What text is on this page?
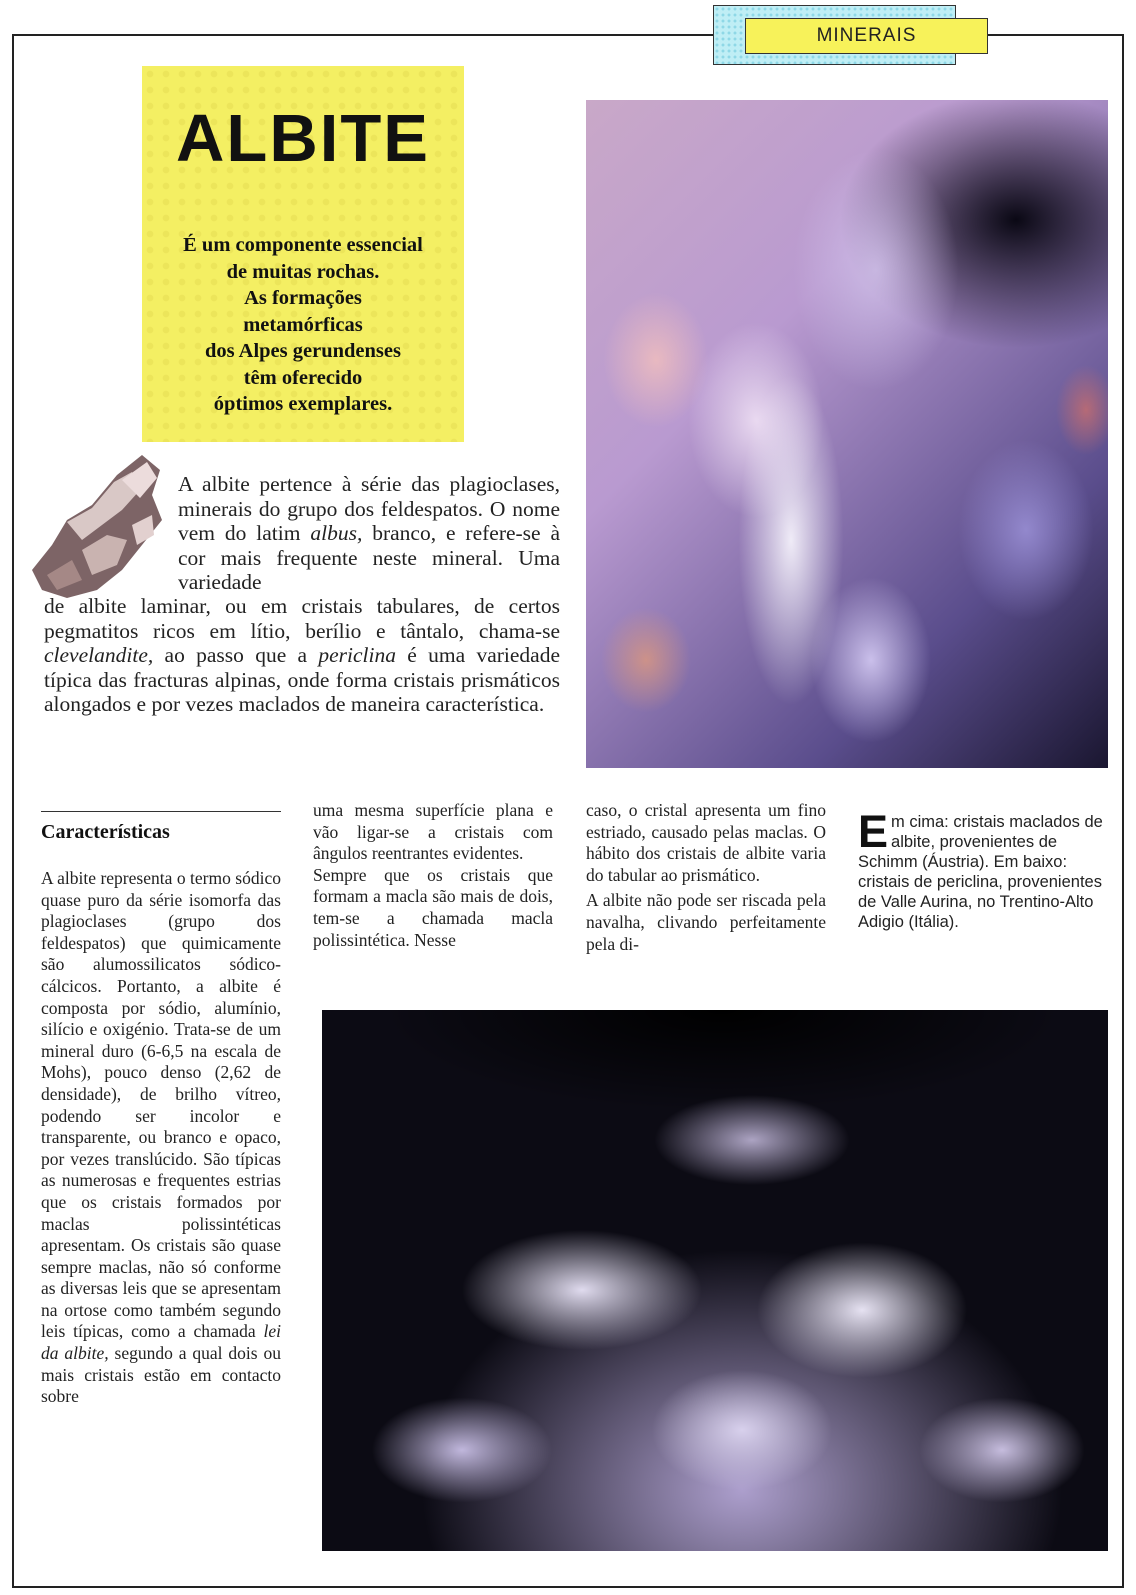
MINERAIS
ALBITE
É um componente essencial
de muitas rochas.
As formações
metamórficas
dos Alpes gerundenses
têm oferecido
óptimos exemplares.
A albite pertence à série das plagioclases, minerais do grupo dos feldespatos. O nome vem do latim albus, branco, e refere-se à cor mais frequente neste mineral. Uma variedade
de albite laminar, ou em cristais tabulares, de certos pegmatitos ricos em lítio, berílio e tântalo, chama-se clevelandite, ao passo que a periclina é uma variedade típica das fracturas alpinas, onde forma cristais prismáticos alongados e por vezes maclados de maneira característica.
Características

A albite representa o termo sódico quase puro da série isomorfa das plagioclases (grupo dos feldespatos) que quimicamente são alumossilicatos sódico-cálcicos. Portanto, a albite é composta por sódio, alumínio, silício e oxigénio. Trata-se de um mineral duro (6-6,5 na escala de Mohs), pouco denso (2,62 de densidade), de brilho vítreo, podendo ser incolor e transparente, ou branco e opaco, por vezes translúcido. São típicas as numerosas e frequentes estrias que os cristais formados por maclas polissintéticas apresentam. Os cristais são quase sempre maclas, não só conforme as diversas leis que se apresentam na ortose como também segundo leis típicas, como a chamada lei da albite, segundo a qual dois ou mais cristais estão em contacto sobre

uma mesma superfície plana e vão ligar-se a cristais com ângulos reentrantes evidentes.

Sempre que os cristais que formam a macla são mais de dois, tem-se a chamada macla polissintética. Nesse

caso, o cristal apresenta um fino estriado, causado pelas maclas. O hábito dos cristais de albite varia do tabular ao prismático.

A albite não pode ser riscada pela navalha, clivando perfeitamente pela di-

Em cima: cristais maclados de albite, provenientes de Schimm (Áustria). Em baixo: cristais de periclina, provenientes de Valle Aurina, no Trentino-Alto Adigio (Itália).
